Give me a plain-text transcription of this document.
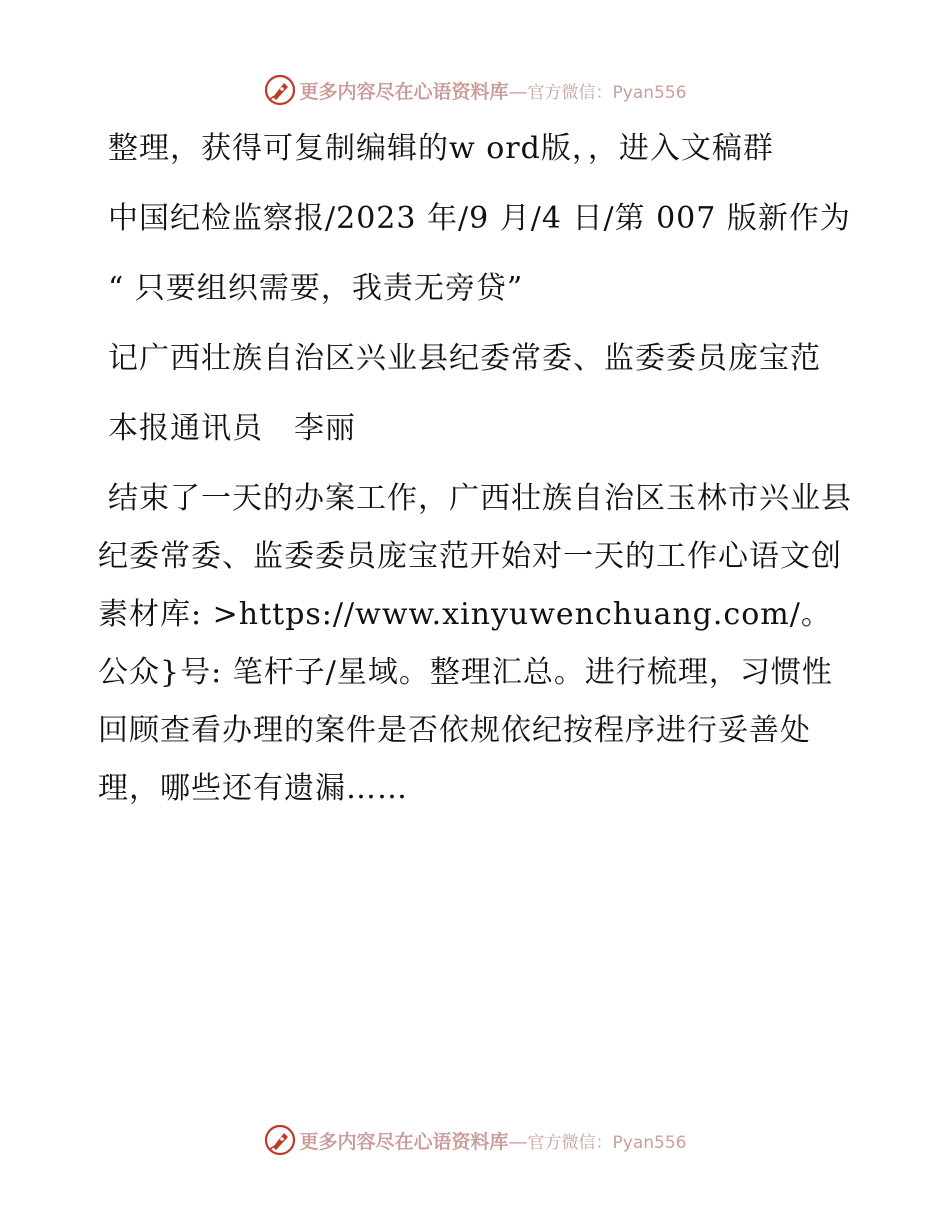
更多内容尽在心语资料库—官方微信：Pyan556

整理，获得可复制编辑的w ord版，，进入文稿群

中国纪检监察报/2023 年/9 月/4 日/第 007 版新作为

“ 只要组织需要，我责无旁贷”

记广西壮族自治区兴业县纪委常委、监委委员庞宝范

本报通讯员　李丽

结束了一天的办案工作，广西壮族自治区玉林市兴业县纪委常委、监委委员庞宝范开始对一天的工作心语文创素材库: >https://www.xinyuwenchuang.com/。公众}号: 笔杆子/星域。整理汇总。进行梳理，习惯性回顾查看办理的案件是否依规依纪按程序进行妥善处理，哪些还有遗漏……

更多内容尽在心语资料库—官方微信：Pyan556
